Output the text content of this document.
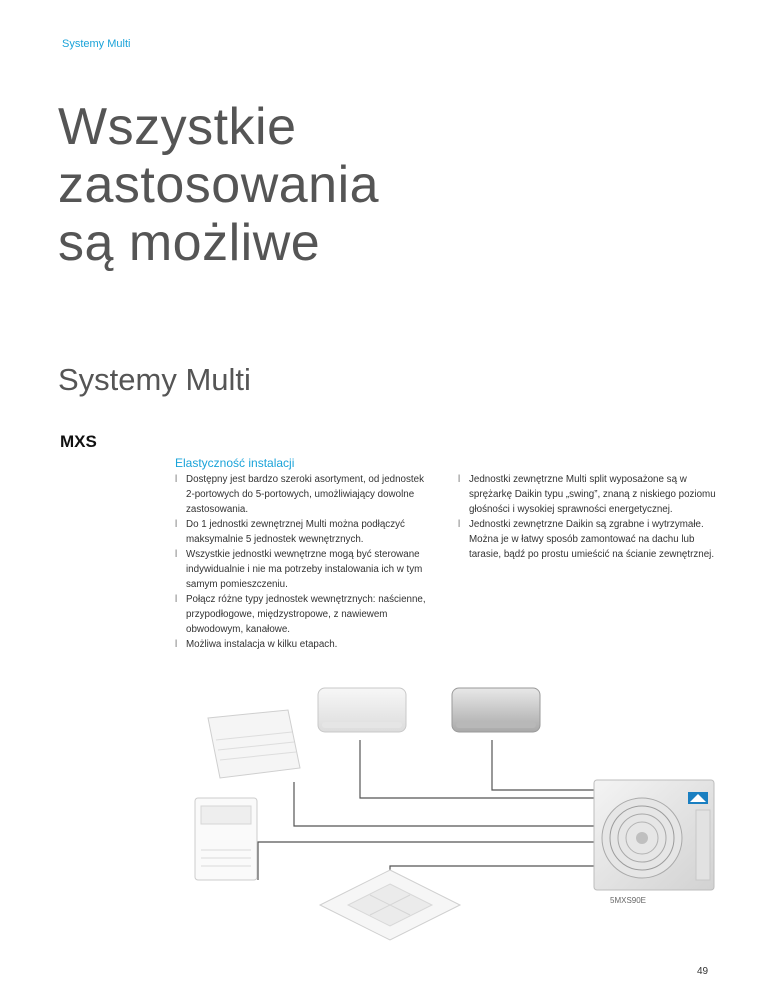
Systemy Multi
Wszystkie
zastosowania
są możliwe
Systemy Multi
MXS
Elastyczność instalacji
l Dostępny jest bardzo szeroki asortyment, od jednostek 2-portowych do 5-portowych, umożliwiający dowolne zastosowania.
l Do 1 jednostki zewnętrznej Multi można podłączyć maksymalnie 5 jednostek wewnętrznych.
l Wszystkie jednostki wewnętrzne mogą być sterowane indywidualnie i nie ma potrzeby instalowania ich w tym samym pomieszczeniu.
l Połącz różne typy jednostek wewnętrznych: naścienne, przypodłogowe, międzystropowe, z nawiewem obwodowym, kanałowe.
l Możliwa instalacja w kilku etapach.
l Jednostki zewnętrzne Multi split wyposażone są w sprężarkę Daikin typu „swing”, znaną z niskiego poziomu głośności i wysokiej sprawności energetycznej.
l Jednostki zewnętrzne Daikin są zgrabne i wytrzymałe. Można je w łatwy sposób zamontować na dachu lub tarasie, bądź po prostu umieścić na ścianie zewnętrznej.
5MXS90E
49
